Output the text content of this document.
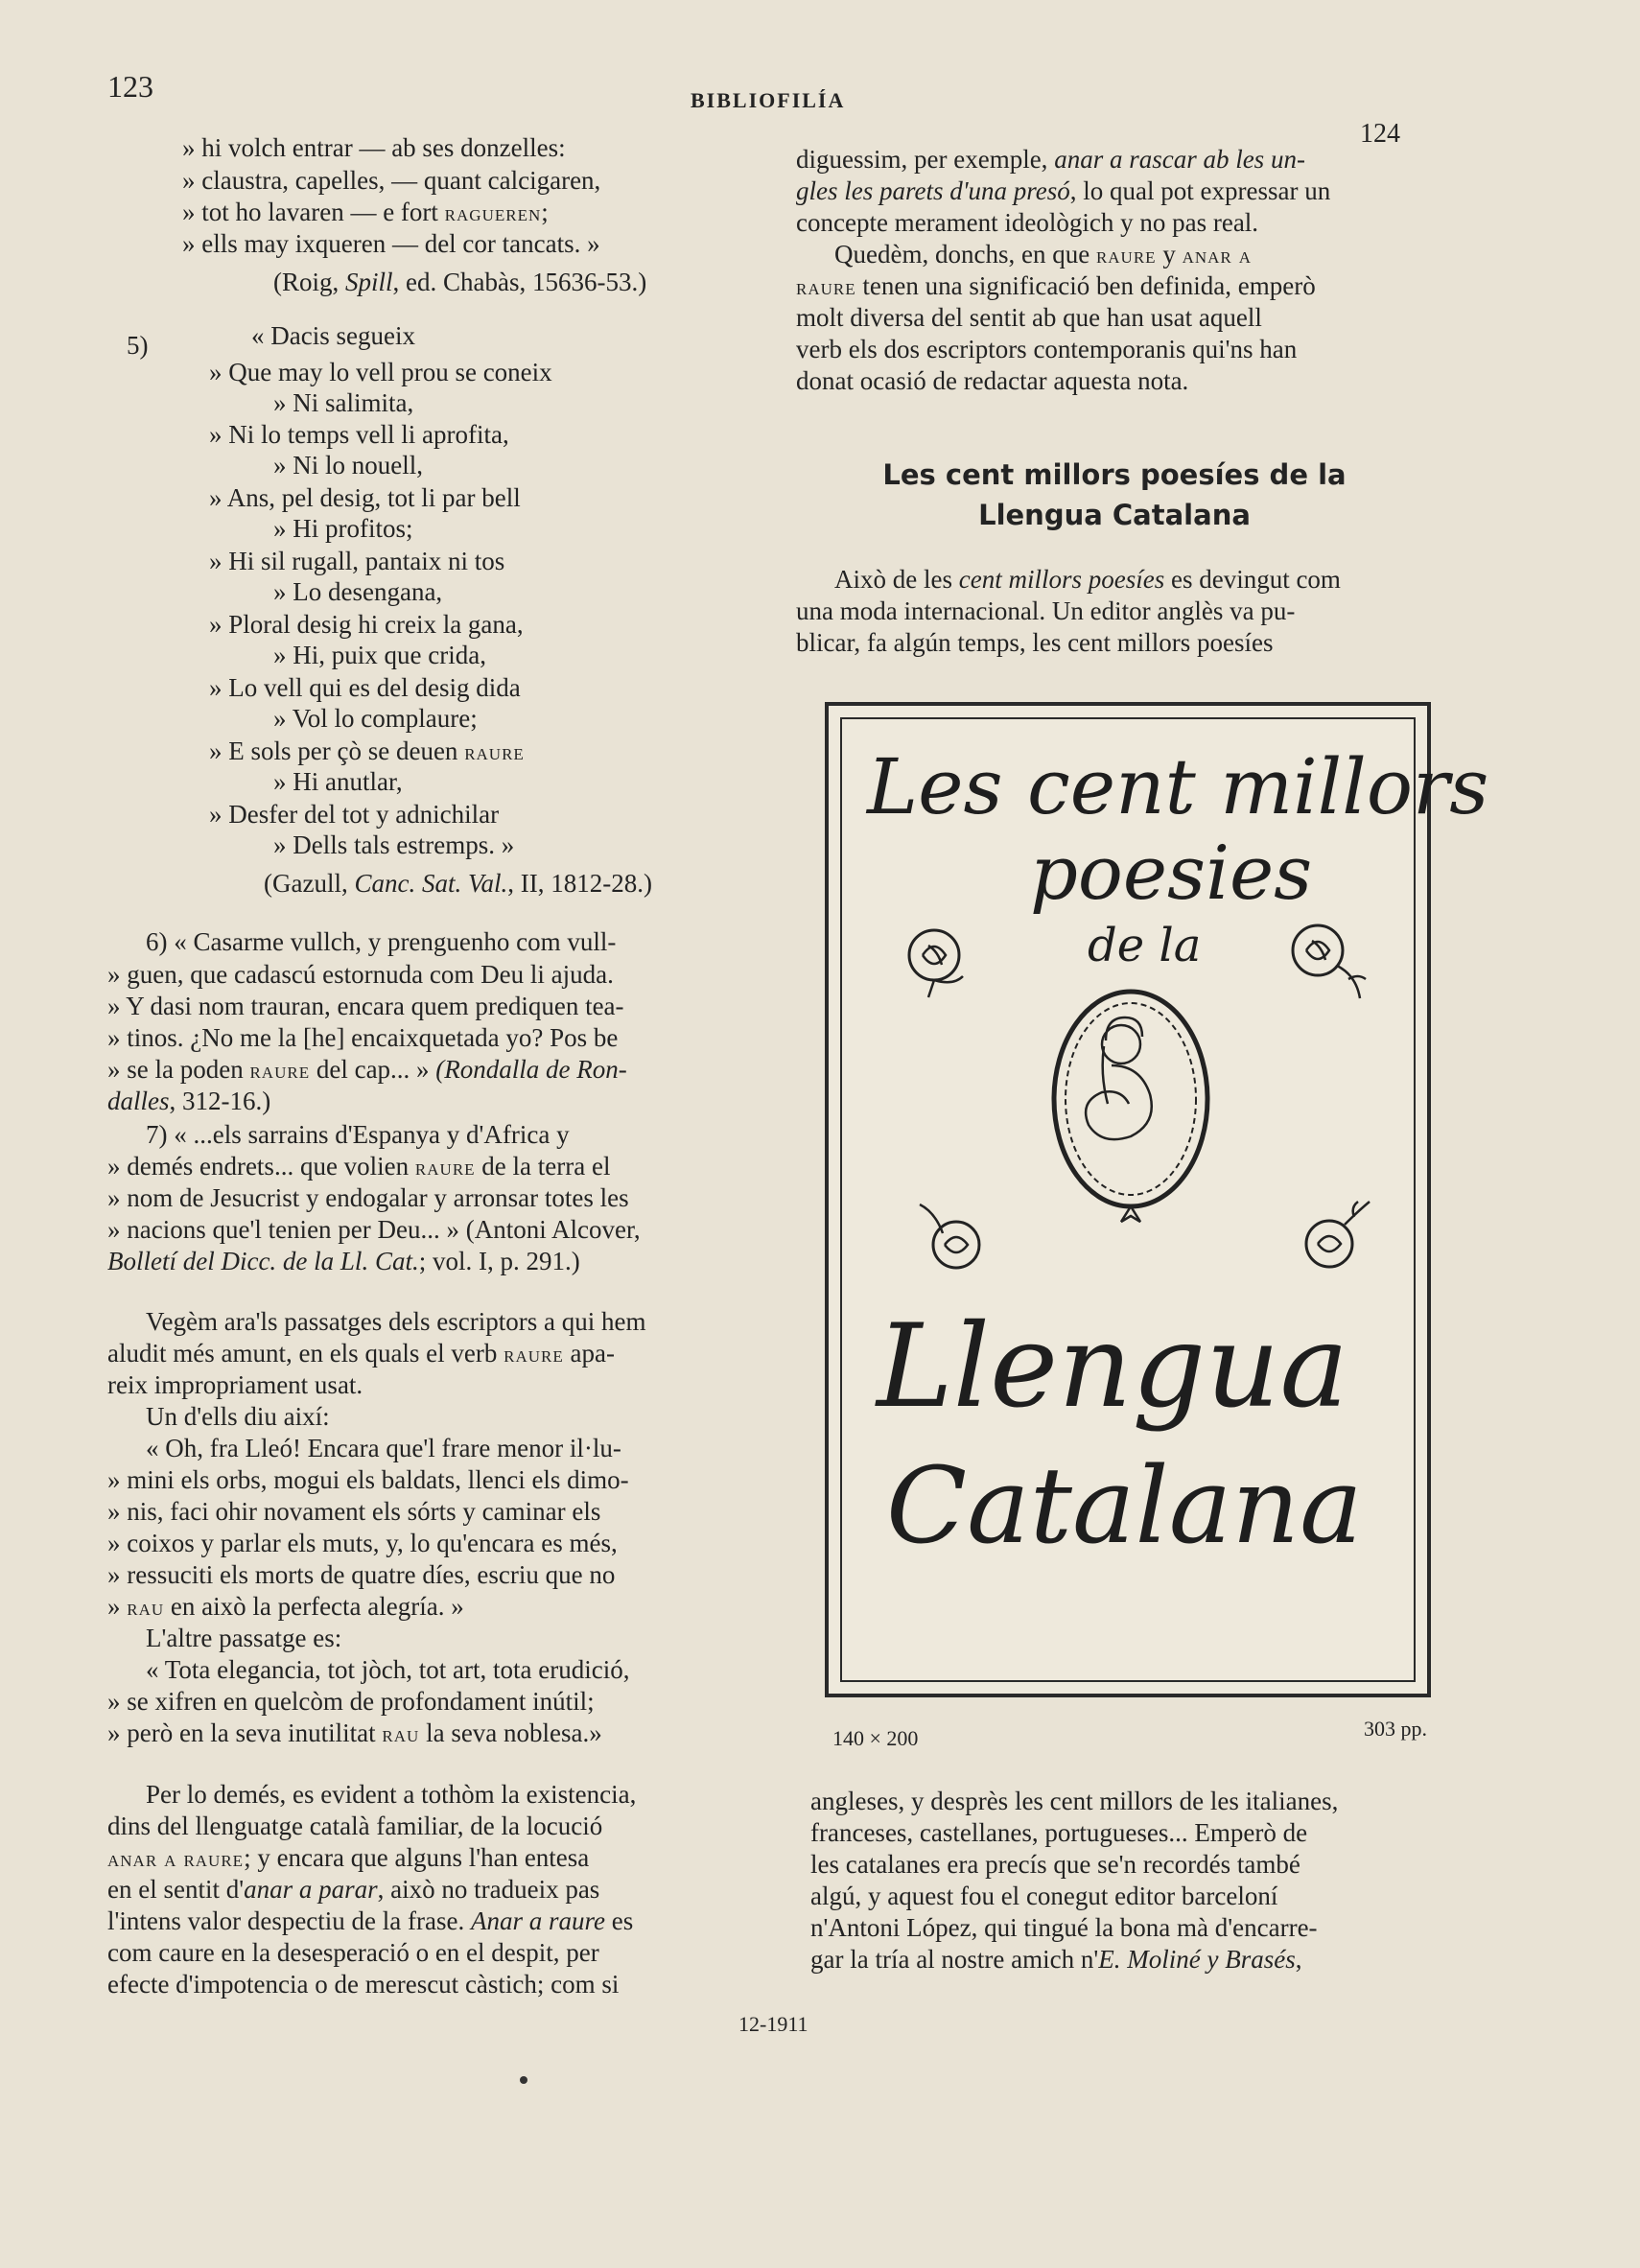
123	BIBLIOFILÍA
124
» hi volch entrar — ab ses donzelles:
» claustra, capelles, — quant calcigaren,
» tot ho lavaren — e fort ragueren;
» ells may ixqueren — del cor tancats. »
(Roig, Spill, ed. Chabàs, 15636-53.)
5)	« Dacis segueix
» Que may lo vell prou se coneix
» Ni salimita,
» Ni lo temps vell li aprofita,
» Ni lo nouell,
» Ans, pel desig, tot li par bell
» Hi profitos;
» Hi sil rugall, pantaix ni tos
» Lo desengana,
» Ploral desig hi creix la gana,
» Hi, puix que crida,
» Lo vell qui es del desig dida
» Vol lo complaure;
» E sols per çò se deuen raure
» Hi anutlar,
» Desfer del tot y adnichilar
» Dells tals estremps. »
(Gazull, Canc. Sat. Val., II, 1812-28.)
6) « Casarme vullch, y prenguenho com vull-
» guen, que cadascú estornuda com Deu li ajuda.
» Y dasi nom trauran, encara quem prediquen tea-
» tinos. ¿No me la [he] encaixquetada yo? Pos be
» se la poden raure del cap... » (Rondalla de Ron-
dalles, 312-16.)
7) « ...els sarrains d'Espanya y d'Africa y
» demés endrets... que volien raure de la terra el
» nom de Jesucrist y endogalar y arronsar totes les
» nacions que'l tenien per Deu... » (Antoni Alcover,
Bolletí del Dicc. de la Ll. Cat.; vol. I, p. 291.)
Vegèm ara'ls passatges dels escriptors a qui hem
aludit més amunt, en els quals el verb raure apa-
reix impropriament usat.
Un d'ells diu així:
« Oh, fra Lleó! Encara que'l frare menor il·lu-
» mini els orbs, mogui els baldats, llenci els dimo-
» nis, faci ohir novament els sórts y caminar els
» coixos y parlar els muts, y, lo qu'encara es més,
» ressuciti els morts de quatre díes, escriu que no
» rau en això la perfecta alegría. »
L'altre passatge es:
« Tota elegancia, tot jòch, tot art, tota erudició,
» se xifren en quelcòm de profondament inútil;
» però en la seva inutilitat rau la seva noblesa.»
Per lo demés, es evident a tothòm la existencia,
dins del llenguatge català familiar, de la locució
anar a raure; y encara que alguns l'han entesa
en el sentit d'anar a parar, això no tradueix pas
l'intens valor despectiu de la frase. Anar a raure es
com caure en la desesperació o en el despit, per
efecte d'impotencia o de merescut càstich; com si
diguessim, per exemple, anar a rascar ab les un-
gles les parets d'una presó, lo qual pot expressar un
concepte merament ideològich y no pas real.
Quedèm, donchs, en que raure y anar a
raure tenen una significació ben definida, emperò
molt diversa del sentit ab que han usat aquell
verb els dos escriptors contemporanis qui'ns han
donat ocasió de redactar aquesta nota.
Les cent millors poesíes de la
Llengua Catalana
Això de les cent millors poesíes es devingut com
una moda internacional. Un editor anglès va pu-
blicar, fa algún temps, les cent millors poesíes
Les cent millors
poesies
de la
Llengua
Catalana
140 × 200	303 pp.
angleses, y desprès les cent millors de les italianes,
franceses, castellanes, portugueses... Emperò de
les catalanes era precís que se'n recordés també
algú, y aquest fou el conegut editor barceloní
n'Antoni López, qui tingué la bona mà d'encarre-
gar la tría al nostre amich n'E. Moliné y Brasés,
12-1911
